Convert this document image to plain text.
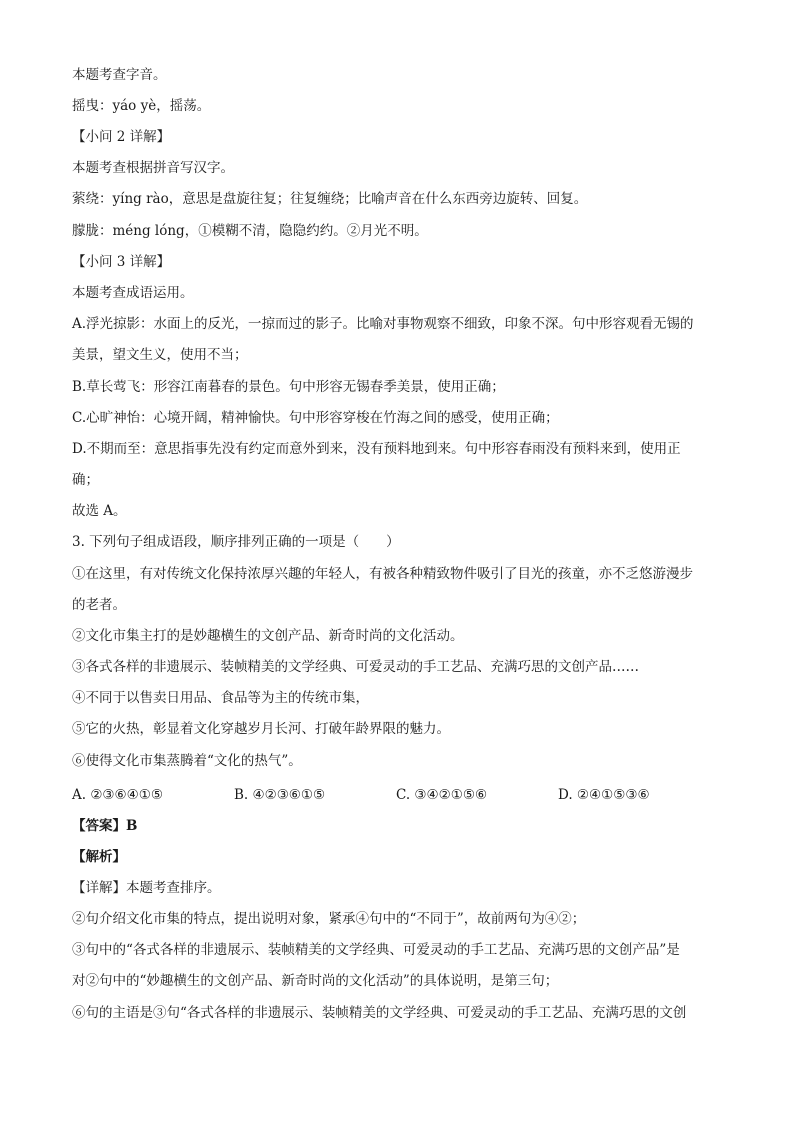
本题考查字音。
摇曳：yáo yè，摇荡。
【小问 2 详解】
本题考查根据拼音写汉字。
萦绕：yíng rào，意思是盘旋往复；往复缠绕；比喻声音在什么东西旁边旋转、回复。
朦胧：méng lóng，①模糊不清，隐隐约约。②月光不明。
【小问 3 详解】
本题考查成语运用。
A.浮光掠影：水面上的反光，一掠而过的影子。比喻对事物观察不细致，印象不深。句中形容观看无锡的
美景，望文生义，使用不当；
B.草长莺飞：形容江南暮春的景色。句中形容无锡春季美景，使用正确；
C.心旷神怡：心境开阔，精神愉快。句中形容穿梭在竹海之间的感受，使用正确；
D.不期而至：意思指事先没有约定而意外到来，没有预料地到来。句中形容春雨没有预料来到，使用正
确；
故选 A。
3. 下列句子组成语段，顺序排列正确的一项是（　　）
①在这里，有对传统文化保持浓厚兴趣的年轻人，有被各种精致物件吸引了目光的孩童，亦不乏悠游漫步
的老者。
②文化市集主打的是妙趣横生的文创产品、新奇时尚的文化活动。
③各式各样的非遗展示、装帧精美的文学经典、可爱灵动的手工艺品、充满巧思的文创产品……
④不同于以售卖日用品、食品等为主的传统市集，
⑤它的火热，彰显着文化穿越岁月长河、打破年龄界限的魅力。
⑥使得文化市集蒸腾着“文化的热气”。
A. ②③⑥④①⑤	B. ④②③⑥①⑤	C. ③④②①⑤⑥	D. ②④①⑤③⑥
【答案】B
【解析】
【详解】本题考查排序。
②句介绍文化市集的特点，提出说明对象，紧承④句中的“不同于”，故前两句为④②；
③句中的“各式各样的非遗展示、装帧精美的文学经典、可爱灵动的手工艺品、充满巧思的文创产品”是
对②句中的“妙趣横生的文创产品、新奇时尚的文化活动”的具体说明，是第三句；
⑥句的主语是③句“各式各样的非遗展示、装帧精美的文学经典、可爱灵动的手工艺品、充满巧思的文创
